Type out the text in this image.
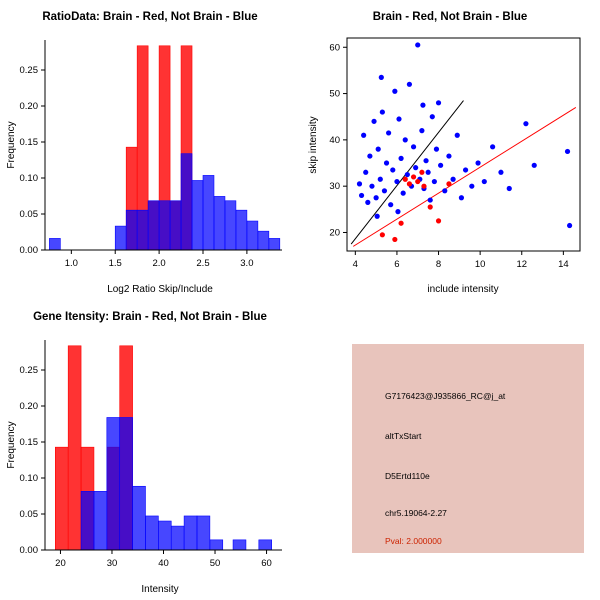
RatioData: Brain - Red, Not Brain - Blue
0.00
0.05
0.10
0.15
0.20
0.25
Frequency
1.0	1.5	2.0	2.5	3.0
Log2 Ratio Skip/Include
Brain - Red, Not Brain - Blue
20
30
40
50
60
4	6	8	10	12	14
skip intensity
include intensity
Gene Itensity: Brain - Red, Not Brain - Blue
0.00
0.05
0.10
0.15
0.20
0.25
Frequency
20	30	40	50	60
Intensity
G7176423@J935866_RC@j_at
altTxStart
D5Ertd110e
chr5.19064-2.27
Pval: 2.000000
